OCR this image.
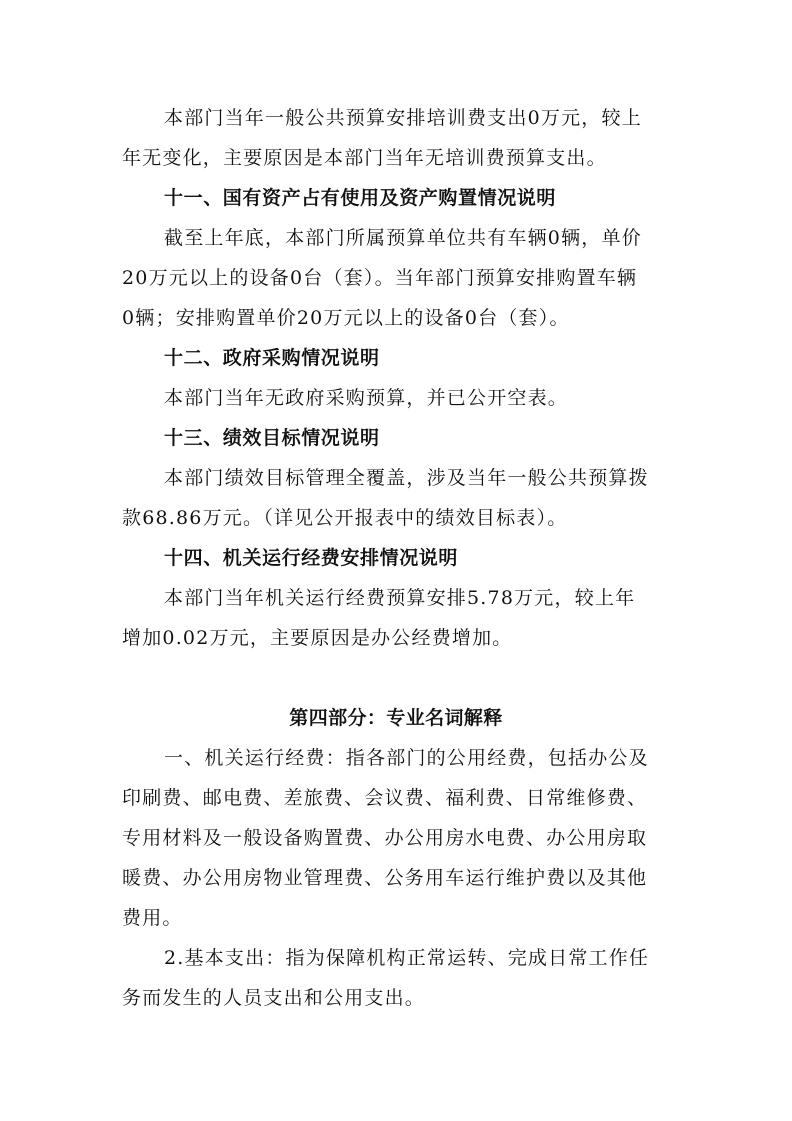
本部门当年一般公共预算安排培训费支出0万元，较上
年无变化，主要原因是本部门当年无培训费预算支出。
十一、国有资产占有使用及资产购置情况说明
截至上年底，本部门所属预算单位共有车辆0辆，单价
20万元以上的设备0台（套）。当年部门预算安排购置车辆
0辆；安排购置单价20万元以上的设备0台（套）。
十二、政府采购情况说明
本部门当年无政府采购预算，并已公开空表。
十三、绩效目标情况说明
本部门绩效目标管理全覆盖，涉及当年一般公共预算拨
款68.86万元。（详见公开报表中的绩效目标表）。
十四、机关运行经费安排情况说明
本部门当年机关运行经费预算安排5.78万元，较上年
增加0.02万元，主要原因是办公经费增加。
第四部分：专业名词解释
一、机关运行经费：指各部门的公用经费，包括办公及
印刷费、邮电费、差旅费、会议费、福利费、日常维修费、
专用材料及一般设备购置费、办公用房水电费、办公用房取
暖费、办公用房物业管理费、公务用车运行维护费以及其他
费用。
2.基本支出：指为保障机构正常运转、完成日常工作任
务而发生的人员支出和公用支出。
